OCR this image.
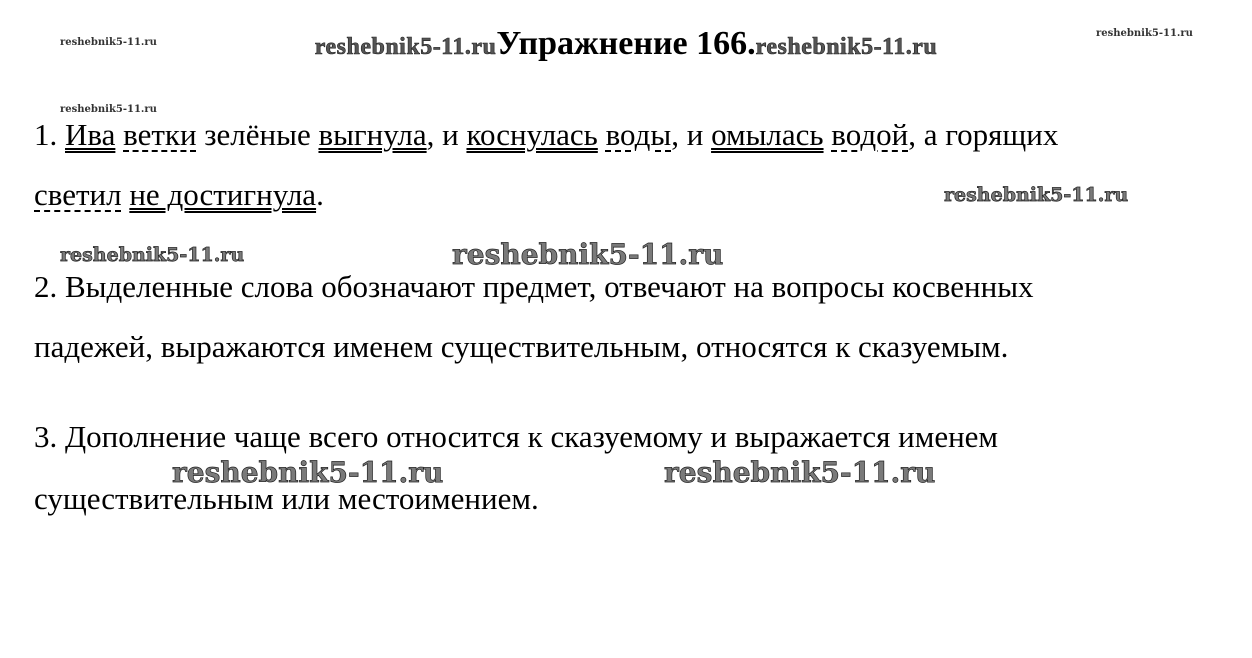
reshebnik5-11.ruУпражнение 166.reshebnik5-11.ru
reshebnik5-11.ru
reshebnik5-11.ru
reshebnik5-11.ru
1. Ива ветки зелёные выгнула, и коснулась воды, и омылась водой, а горящих
светил не достигнула.	reshebnik5-11.ru
reshebnik5-11.ru	reshebnik5-11.ru
2. Выделенные слова обозначают предмет, отвечают на вопросы косвенных
падежей, выражаются именем существительным, относятся к сказуемым.
3. Дополнение чаще всего относится к сказуемому и выражается именем
reshebnik5-11.ru	reshebnik5-11.ru
существительным или местоимением.
